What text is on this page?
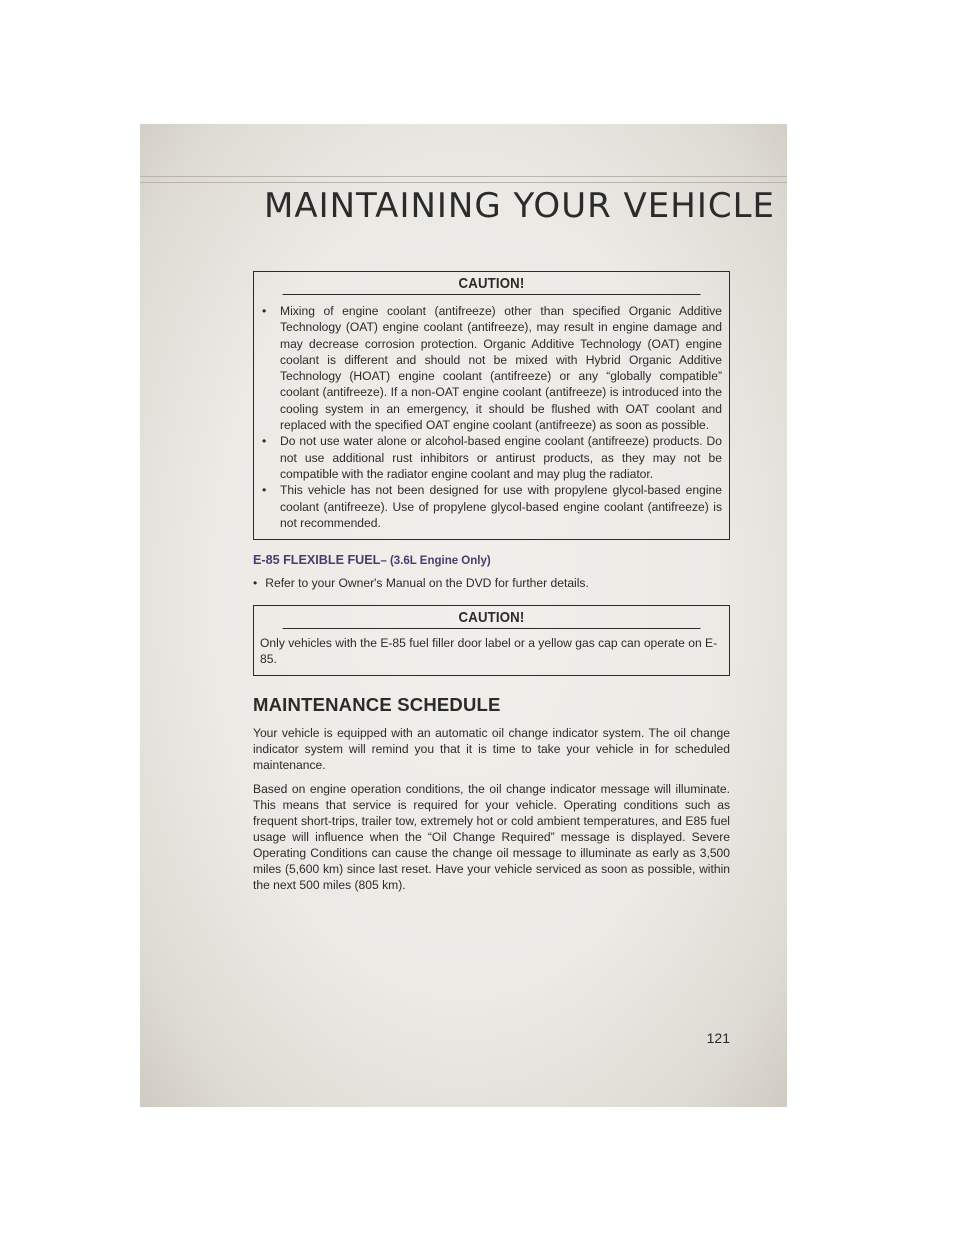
MAINTAINING YOUR VEHICLE
CAUTION!
• Mixing of engine coolant (antifreeze) other than specified Organic Additive Technology (OAT) engine coolant (antifreeze), may result in engine damage and may decrease corrosion protection. Organic Additive Technology (OAT) engine coolant is different and should not be mixed with Hybrid Organic Additive Technology (HOAT) engine coolant (antifreeze) or any “globally compatible” coolant (antifreeze). If a non-OAT engine coolant (antifreeze) is introduced into the cooling system in an emergency, it should be flushed with OAT coolant and replaced with the specified OAT engine coolant (antifreeze) as soon as possible.
• Do not use water alone or alcohol-based engine coolant (antifreeze) products. Do not use additional rust inhibitors or antirust products, as they may not be compatible with the radiator engine coolant and may plug the radiator.
• This vehicle has not been designed for use with propylene glycol-based engine coolant (antifreeze). Use of propylene glycol-based engine coolant (antifreeze) is not recommended.

E-85 FLEXIBLE FUEL– (3.6L Engine Only)

• Refer to your Owner's Manual on the DVD for further details.

CAUTION!
Only vehicles with the E-85 fuel filler door label or a yellow gas cap can operate on E-85.
MAINTENANCE SCHEDULE

Your vehicle is equipped with an automatic oil change indicator system. The oil change indicator system will remind you that it is time to take your vehicle in for scheduled maintenance.

Based on engine operation conditions, the oil change indicator message will illuminate. This means that service is required for your vehicle. Operating conditions such as frequent short-trips, trailer tow, extremely hot or cold ambient temperatures, and E85 fuel usage will influence when the “Oil Change Required” message is displayed. Severe Operating Conditions can cause the change oil message to illuminate as early as 3,500 miles (5,600 km) since last reset. Have your vehicle serviced as soon as possible, within the next 500 miles (805 km).

121
